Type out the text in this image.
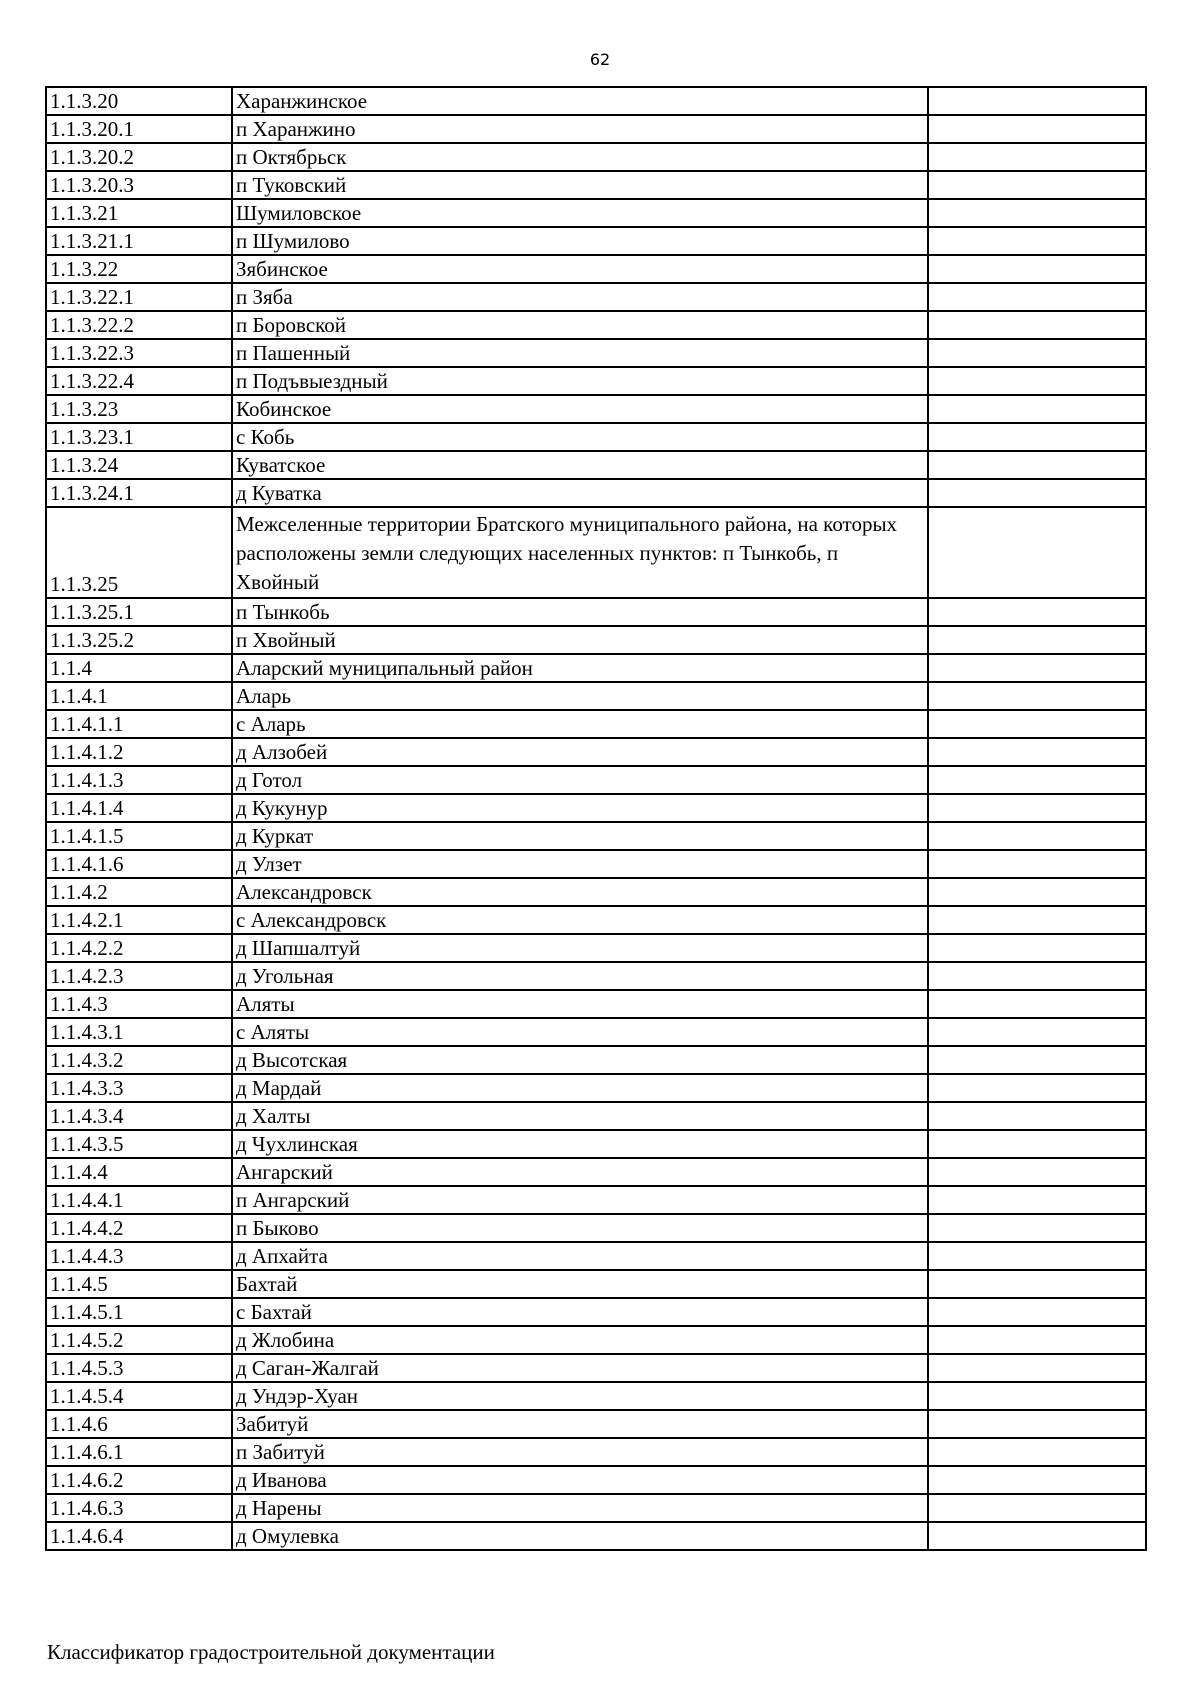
62
1.1.3.20	Харанжинское	
1.1.3.20.1	п Харанжино	
1.1.3.20.2	п Октябрьск	
1.1.3.20.3	п Туковский	
1.1.3.21	Шумиловское	
1.1.3.21.1	п Шумилово	
1.1.3.22	Зябинское	
1.1.3.22.1	п Зяба	
1.1.3.22.2	п Боровской	
1.1.3.22.3	п Пашенный	
1.1.3.22.4	п Подъвыездный	
1.1.3.23	Кобинское	
1.1.3.23.1	с Кобь	
1.1.3.24	Куватское	
1.1.3.24.1	д Куватка	
1.1.3.25	Межселенные территории Братского муниципального района, на которых расположены земли следующих населенных пунктов: п Тынкобь, п Хвойный	
1.1.3.25.1	п Тынкобь	
1.1.3.25.2	п Хвойный	
1.1.4	Аларский муниципальный район	
1.1.4.1	Аларь	
1.1.4.1.1	с Аларь	
1.1.4.1.2	д Алзобей	
1.1.4.1.3	д Готол	
1.1.4.1.4	д Кукунур	
1.1.4.1.5	д Куркат	
1.1.4.1.6	д Улзет	
1.1.4.2	Александровск	
1.1.4.2.1	с Александровск	
1.1.4.2.2	д Шапшалтуй	
1.1.4.2.3	д Угольная	
1.1.4.3	Аляты	
1.1.4.3.1	с Аляты	
1.1.4.3.2	д Высотская	
1.1.4.3.3	д Мардай	
1.1.4.3.4	д Халты	
1.1.4.3.5	д Чухлинская	
1.1.4.4	Ангарский	
1.1.4.4.1	п Ангарский	
1.1.4.4.2	п Быково	
1.1.4.4.3	д Апхайта	
1.1.4.5	Бахтай	
1.1.4.5.1	с Бахтай	
1.1.4.5.2	д Жлобина	
1.1.4.5.3	д Саган-Жалгай	
1.1.4.5.4	д Ундэр-Хуан	
1.1.4.6	Забитуй	
1.1.4.6.1	п Забитуй	
1.1.4.6.2	д Иванова	
1.1.4.6.3	д Нарены	
1.1.4.6.4	д Омулевка	
Классификатор градостроительной документации
